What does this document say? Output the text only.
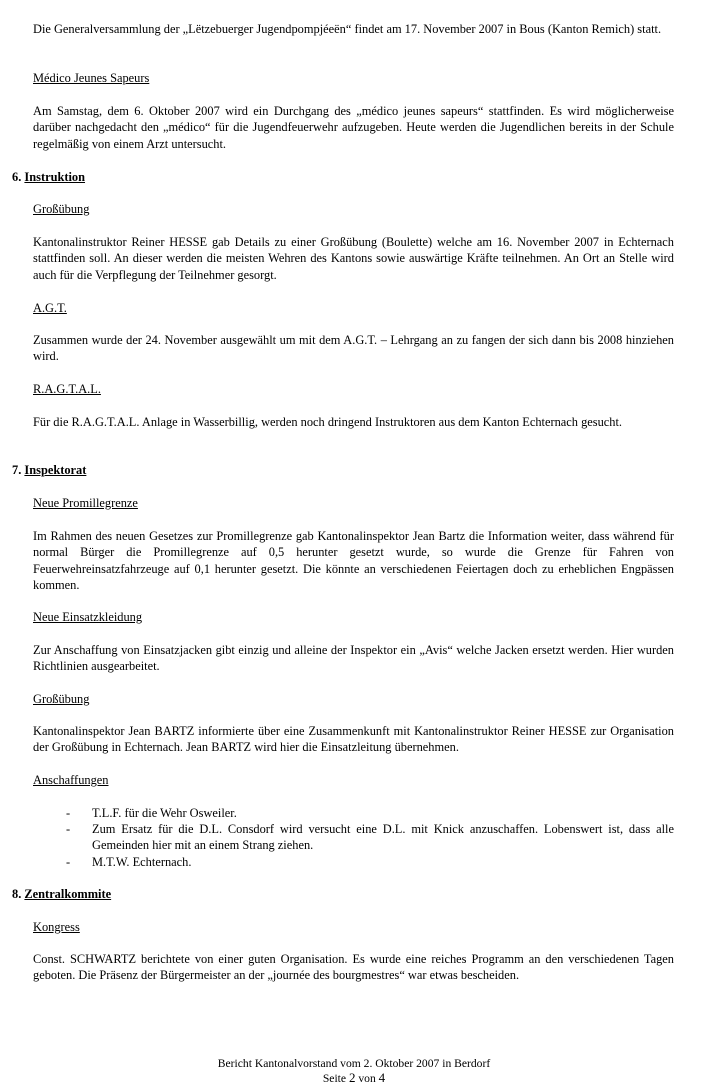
Die Generalversammlung der „Lëtzebuerger Jugendpompjéeën“ findet am 17. November 2007 in Bous (Kanton Remich) statt.

Médico Jeunes Sapeurs

Am Samstag, dem 6. Oktober 2007 wird ein Durchgang des „médico jeunes sapeurs“ stattfinden. Es wird möglicherweise darüber nachgedacht den „médico“ für die Jugendfeuerwehr aufzugeben. Heute werden die Jugendlichen bereits in der Schule regelmäßig von einem Arzt untersucht.

6. Instruktion

Großübung

Kantonalinstruktor Reiner HESSE gab Details zu einer Großübung (Boulette) welche am 16. November 2007 in Echternach stattfinden soll. An dieser werden die meisten Wehren des Kantons sowie auswärtige Kräfte teilnehmen. An Ort an Stelle wird auch für die Verpflegung der Teilnehmer gesorgt.

A.G.T.

Zusammen wurde der 24. November ausgewählt um mit dem A.G.T. – Lehrgang an zu fangen der sich dann bis 2008 hinziehen wird.

R.A.G.T.A.L.

Für die R.A.G.T.A.L. Anlage in Wasserbillig, werden noch dringend Instruktoren aus dem Kanton Echternach gesucht.

7. Inspektorat

Neue Promillegrenze

Im Rahmen des neuen Gesetzes zur Promillegrenze gab Kantonalinspektor Jean Bartz die Information weiter, dass während für normal Bürger die Promillegrenze auf 0,5 herunter gesetzt wurde, so wurde die Grenze für Fahren von Feuerwehreinsatzfahrzeuge auf 0,1 herunter gesetzt. Die könnte an verschiedenen Feiertagen doch zu erheblichen Engpässen kommen.

Neue Einsatzkleidung

Zur Anschaffung von Einsatzjacken gibt einzig und alleine der Inspektor ein „Avis“ welche Jacken ersetzt werden. Hier wurden Richtlinien ausgearbeitet.

Großübung

Kantonalinspektor Jean BARTZ informierte über eine Zusammenkunft mit Kantonalinstruktor Reiner HESSE zur Organisation der Großübung in Echternach. Jean BARTZ wird hier die Einsatzleitung übernehmen.

Anschaffungen

- T.L.F. für die Wehr Osweiler.
- Zum Ersatz für die D.L. Consdorf wird versucht eine D.L. mit Knick anzuschaffen. Lobenswert ist, dass alle Gemeinden hier mit an einem Strang ziehen.
- M.T.W. Echternach.

8. Zentralkommite

Kongress

Const. SCHWARTZ berichtete von einer guten Organisation. Es wurde eine reiches Programm an den verschiedenen Tagen geboten. Die Präsenz der Bürgermeister an der „journée des bourgmestres“ war etwas bescheiden.

Bericht Kantonalvorstand vom 2. Oktober 2007 in Berdorf
Seite 2 von 4
